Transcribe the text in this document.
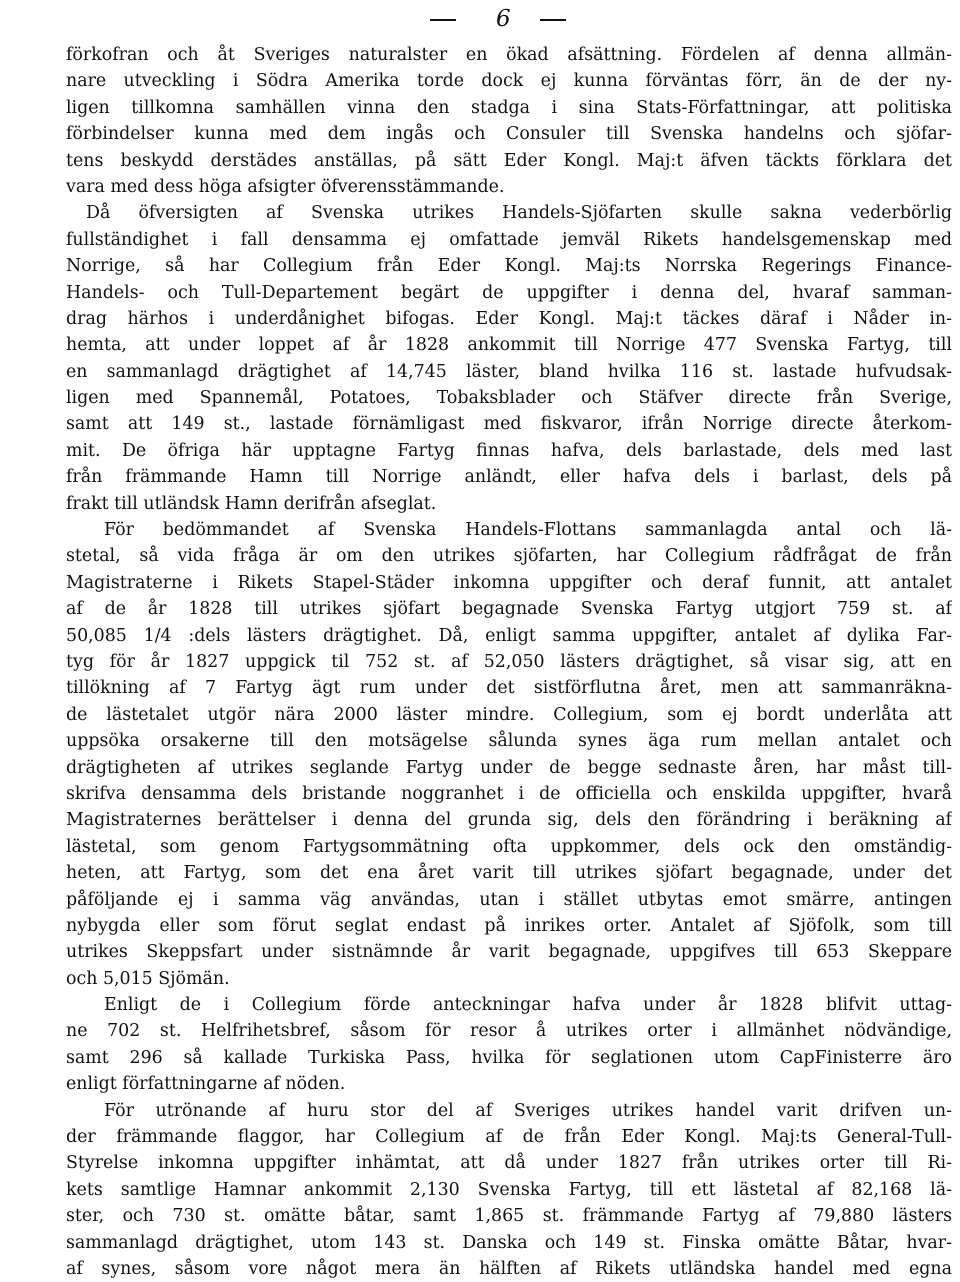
6
förkofran och åt Sveriges naturalster en ökad afsättning. Fördelen af denna allmän-
nare utveckling i Södra Amerika torde dock ej kunna förväntas förr, än de der ny-
ligen tillkomna samhällen vinna den stadga i sina Stats-Författningar, att politiska
förbindelser kunna med dem ingås och Consuler till Svenska handelns och sjöfar-
tens beskydd derstädes anställas, på sätt Eder Kongl. Maj:t äfven täckts förklara det
vara med dess höga afsigter öfverensstämmande.
Då öfversigten af Svenska utrikes Handels-Sjöfarten skulle sakna vederbörlig
fullständighet i fall densamma ej omfattade jemväl Rikets handelsgemenskap med
Norrige, så har Collegium från Eder Kongl. Maj:ts Norrska Regerings Finance-
Handels- och Tull-Departement begärt de uppgifter i denna del, hvaraf samman-
drag härhos i underdånighet bifogas. Eder Kongl. Maj:t täckes däraf i Nåder in-
hemta, att under loppet af år 1828 ankommit till Norrige 477 Svenska Fartyg, till
en sammanlagd drägtighet af 14,745 läster, bland hvilka 116 st. lastade hufvudsak-
ligen med Spannemål, Potatoes, Tobaksblader och Stäfver directe från Sverige,
samt att 149 st., lastade förnämligast med fiskvaror, ifrån Norrige directe återkom-
mit. De öfriga här upptagne Fartyg finnas hafva, dels barlastade, dels med last
från främmande Hamn till Norrige anländt, eller hafva dels i barlast, dels på
frakt till utländsk Hamn derifrån afseglat.
För bedömmandet af Svenska Handels-Flottans sammanlagda antal och lä-
stetal, så vida fråga är om den utrikes sjöfarten, har Collegium rådfrågat de från
Magistraterne i Rikets Stapel-Städer inkomna uppgifter och deraf funnit, att antalet
af de år 1828 till utrikes sjöfart begagnade Svenska Fartyg utgjort 759 st. af
50,085 1/4 :dels lästers drägtighet. Då, enligt samma uppgifter, antalet af dylika Far-
tyg för år 1827 uppgick til 752 st. af 52,050 lästers drägtighet, så visar sig, att en
tillökning af 7 Fartyg ägt rum under det sistförflutna året, men att sammanräkna-
de lästetalet utgör nära 2000 läster mindre. Collegium, som ej bordt underlåta att
uppsöka orsakerne till den motsägelse sålunda synes äga rum mellan antalet och
drägtigheten af utrikes seglande Fartyg under de begge sednaste åren, har måst till-
skrifva densamma dels bristande noggranhet i de officiella och enskilda uppgifter, hvarå
Magistraternes berättelser i denna del grunda sig, dels den förändring i beräkning af
lästetal, som genom Fartygsommätning ofta uppkommer, dels ock den omständig-
heten, att Fartyg, som det ena året varit till utrikes sjöfart begagnade, under det
påföljande ej i samma väg användas, utan i stället utbytas emot smärre, antingen
nybygda eller som förut seglat endast på inrikes orter. Antalet af Sjöfolk, som till
utrikes Skeppsfart under sistnämnde år varit begagnade, uppgifves till 653 Skeppare
och 5,015 Sjömän.
Enligt de i Collegium förde anteckningar hafva under år 1828 blifvit uttag-
ne 702 st. Helfrihetsbref, såsom för resor å utrikes orter i allmänhet nödvändige,
samt 296 så kallade Turkiska Pass, hvilka för seglationen utom CapFinisterre äro
enligt författningarne af nöden.
För utrönande af huru stor del af Sveriges utrikes handel varit drifven un-
der främmande flaggor, har Collegium af de från Eder Kongl. Maj:ts General-Tull-
Styrelse inkomna uppgifter inhämtat, att då under 1827 från utrikes orter till Ri-
kets samtlige Hamnar ankommit 2,130 Svenska Fartyg, till ett lästetal af 82,168 lä-
ster, och 730 st. omätte båtar, samt 1,865 st. främmande Fartyg af 79,880 lästers
sammanlagd drägtighet, utom 143 st. Danska och 149 st. Finska omätte Båtar, hvar-
af synes, såsom vore något mera än hälften af Rikets utländska handel med egna
